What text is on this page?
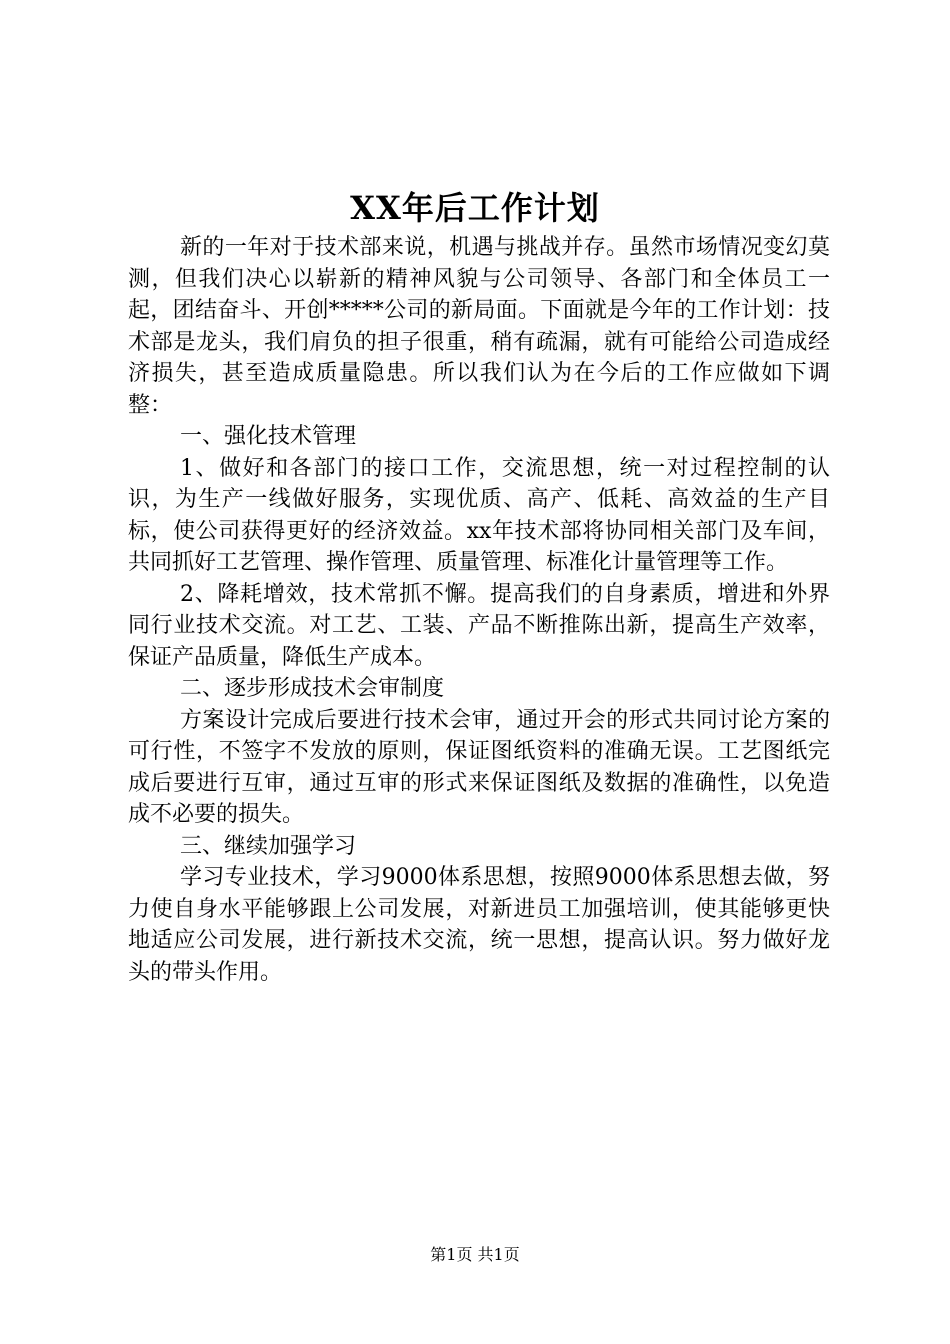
XX年后工作计划

新的一年对于技术部来说，机遇与挑战并存。虽然市场情况变幻莫测，但我们决心以崭新的精神风貌与公司领导、各部门和全体员工一起，团结奋斗、开创*****公司的新局面。下面就是今年的工作计划：技术部是龙头，我们肩负的担子很重，稍有疏漏，就有可能给公司造成经济损失，甚至造成质量隐患。所以我们认为在今后的工作应做如下调整：

一、强化技术管理

1、做好和各部门的接口工作，交流思想，统一对过程控制的认识，为生产一线做好服务，实现优质、高产、低耗、高效益的生产目标，使公司获得更好的经济效益。xx年技术部将协同相关部门及车间，共同抓好工艺管理、操作管理、质量管理、标准化计量管理等工作。

2、降耗增效，技术常抓不懈。提高我们的自身素质，增进和外界同行业技术交流。对工艺、工装、产品不断推陈出新，提高生产效率，保证产品质量，降低生产成本。

二、逐步形成技术会审制度

方案设计完成后要进行技术会审，通过开会的形式共同讨论方案的可行性，不签字不发放的原则，保证图纸资料的准确无误。工艺图纸完成后要进行互审，通过互审的形式来保证图纸及数据的准确性，以免造成不必要的损失。

三、继续加强学习

学习专业技术，学习9000体系思想，按照9000体系思想去做，努力使自身水平能够跟上公司发展，对新进员工加强培训，使其能够更快地适应公司发展，进行新技术交流，统一思想，提高认识。努力做好龙头的带头作用。

第1页 共1页
